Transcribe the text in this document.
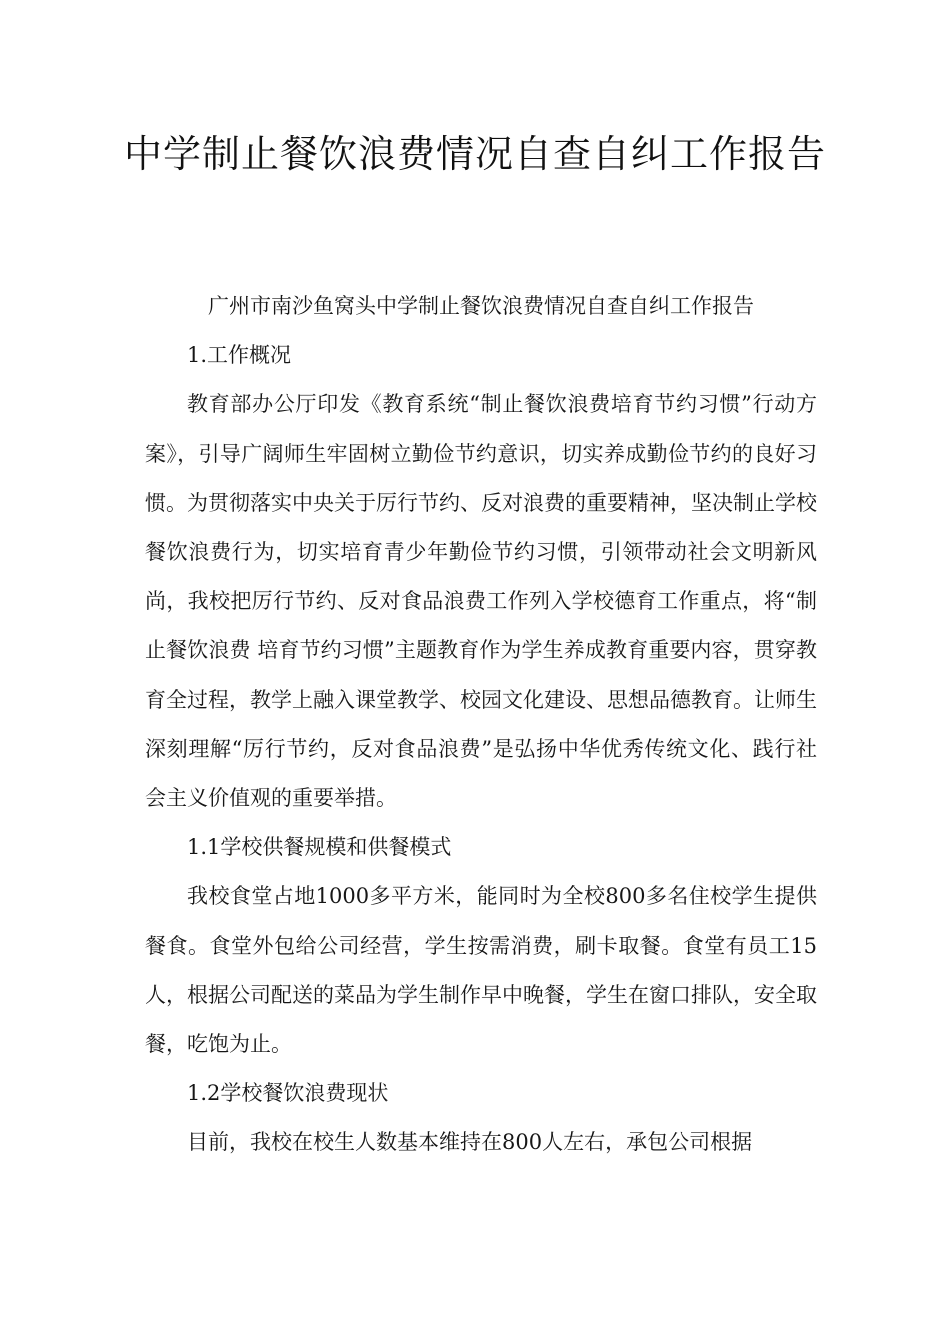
中学制止餐饮浪费情况自查自纠工作报告

广州市南沙鱼窝头中学制止餐饮浪费情况自查自纠工作报告

1.工作概况

教育部办公厅印发《教育系统“制止餐饮浪费培育节约习惯”行动方案》，引导广阔师生牢固树立勤俭节约意识，切实养成勤俭节约的良好习惯。为贯彻落实中央关于厉行节约、反对浪费的重要精神，坚决制止学校餐饮浪费行为，切实培育青少年勤俭节约习惯，引领带动社会文明新风尚，我校把厉行节约、反对食品浪费工作列入学校德育工作重点，将“制止餐饮浪费 培育节约习惯”主题教育作为学生养成教育重要内容，贯穿教育全过程，教学上融入课堂教学、校园文化建设、思想品德教育。让师生深刻理解“厉行节约，反对食品浪费”是弘扬中华优秀传统文化、践行社会主义价值观的重要举措。

1.1学校供餐规模和供餐模式

我校食堂占地1000多平方米，能同时为全校800多名住校学生提供餐食。食堂外包给公司经营，学生按需消费，刷卡取餐。食堂有员工15人，根据公司配送的菜品为学生制作早中晚餐，学生在窗口排队，安全取餐，吃饱为止。

1.2学校餐饮浪费现状

目前，我校在校生人数基本维持在800人左右，承包公司根据
